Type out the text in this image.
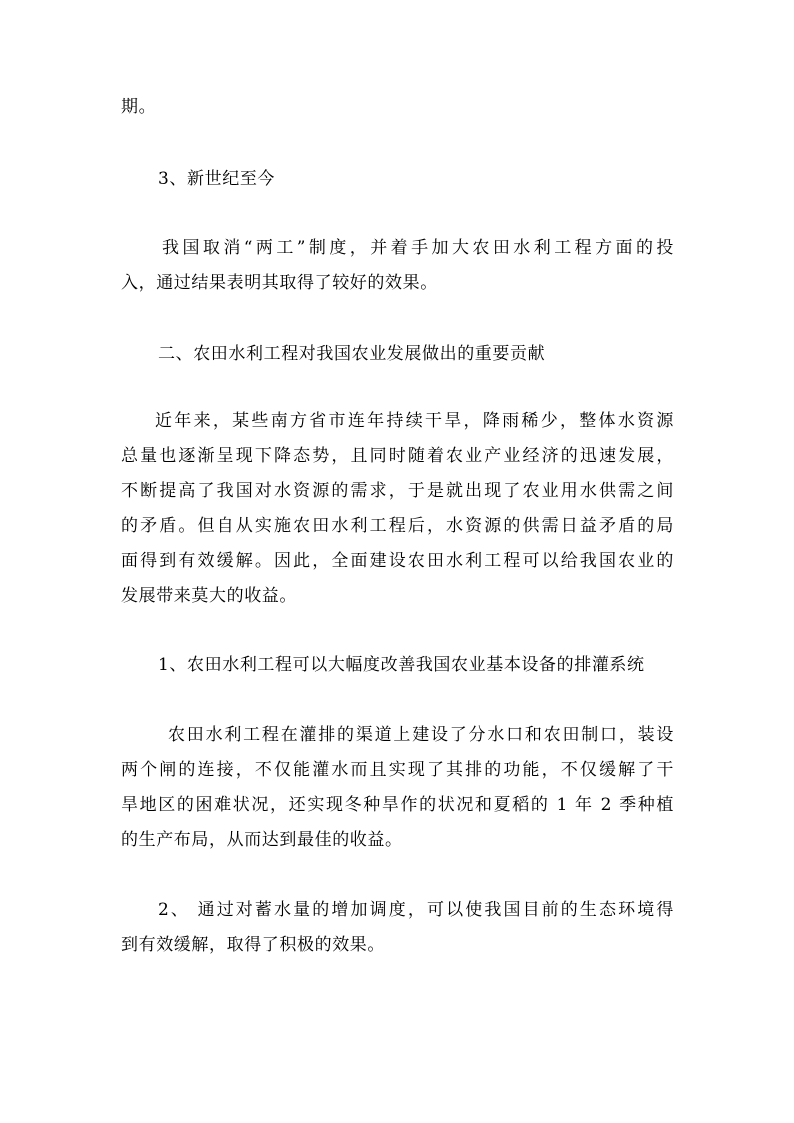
期。
3、新世纪至今
我国取消“两工”制度，并着手加大农田水利工程方面的投
入，通过结果表明其取得了较好的效果。
二、农田水利工程对我国农业发展做出的重要贡献
近年来，某些南方省市连年持续干旱，降雨稀少，整体水资源
总量也逐渐呈现下降态势，且同时随着农业产业经济的迅速发展，
不断提高了我国对水资源的需求，于是就出现了农业用水供需之间
的矛盾。但自从实施农田水利工程后，水资源的供需日益矛盾的局
面得到有效缓解。因此，全面建设农田水利工程可以给我国农业的
发展带来莫大的收益。
1、农田水利工程可以大幅度改善我国农业基本设备的排灌系统
农田水利工程在灌排的渠道上建设了分水口和农田制口，装设
两个闸的连接，不仅能灌水而且实现了其排的功能，不仅缓解了干
旱地区的困难状况，还实现冬种旱作的状况和夏稻的 1 年 2 季种植
的生产布局，从而达到最佳的收益。
2、 通过对蓄水量的增加调度，可以使我国目前的生态环境得
到有效缓解，取得了积极的效果。
